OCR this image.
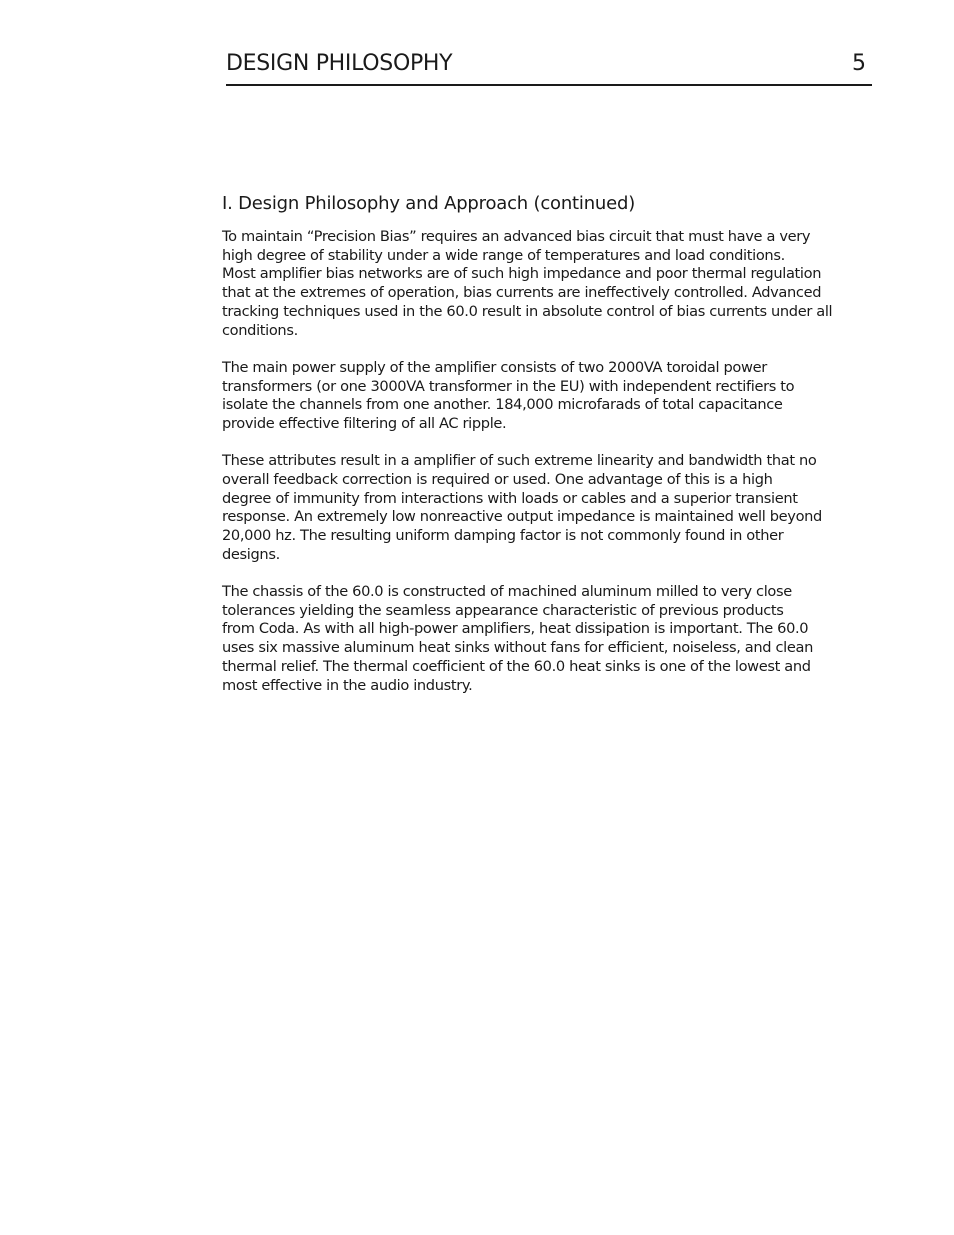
DESIGN PHILOSOPHY	5
I. Design Philosophy and Approach (continued)
To maintain “Precision Bias” requires an advanced bias circuit that must have a very
high degree of stability under a wide range of temperatures and load conditions.
Most amplifier bias networks are of such high impedance and poor thermal regulation
that at the extremes of operation, bias currents are ineffectively controlled. Advanced
tracking techniques used in the 60.0 result in absolute control of bias currents under all
conditions.
The main power supply of the amplifier consists of two 2000VA toroidal power
transformers (or one 3000VA transformer in the EU) with independent rectifiers to
isolate the channels from one another. 184,000 microfarads of total capacitance
provide effective filtering of all AC ripple.
These attributes result in a amplifier of such extreme linearity and bandwidth that no
overall feedback correction is required or used. One advantage of this is a high
degree of immunity from interactions with loads or cables and a superior transient
response. An extremely low nonreactive output impedance is maintained well beyond
20,000 hz. The resulting uniform damping factor is not commonly found in other
designs.
The chassis of the 60.0 is constructed of machined aluminum milled to very close
tolerances yielding the seamless appearance characteristic of previous products
from Coda. As with all high-power amplifiers, heat dissipation is important. The 60.0
uses six massive aluminum heat sinks without fans for efficient, noiseless, and clean
thermal relief. The thermal coefficient of the 60.0 heat sinks is one of the lowest and
most effective in the audio industry.
